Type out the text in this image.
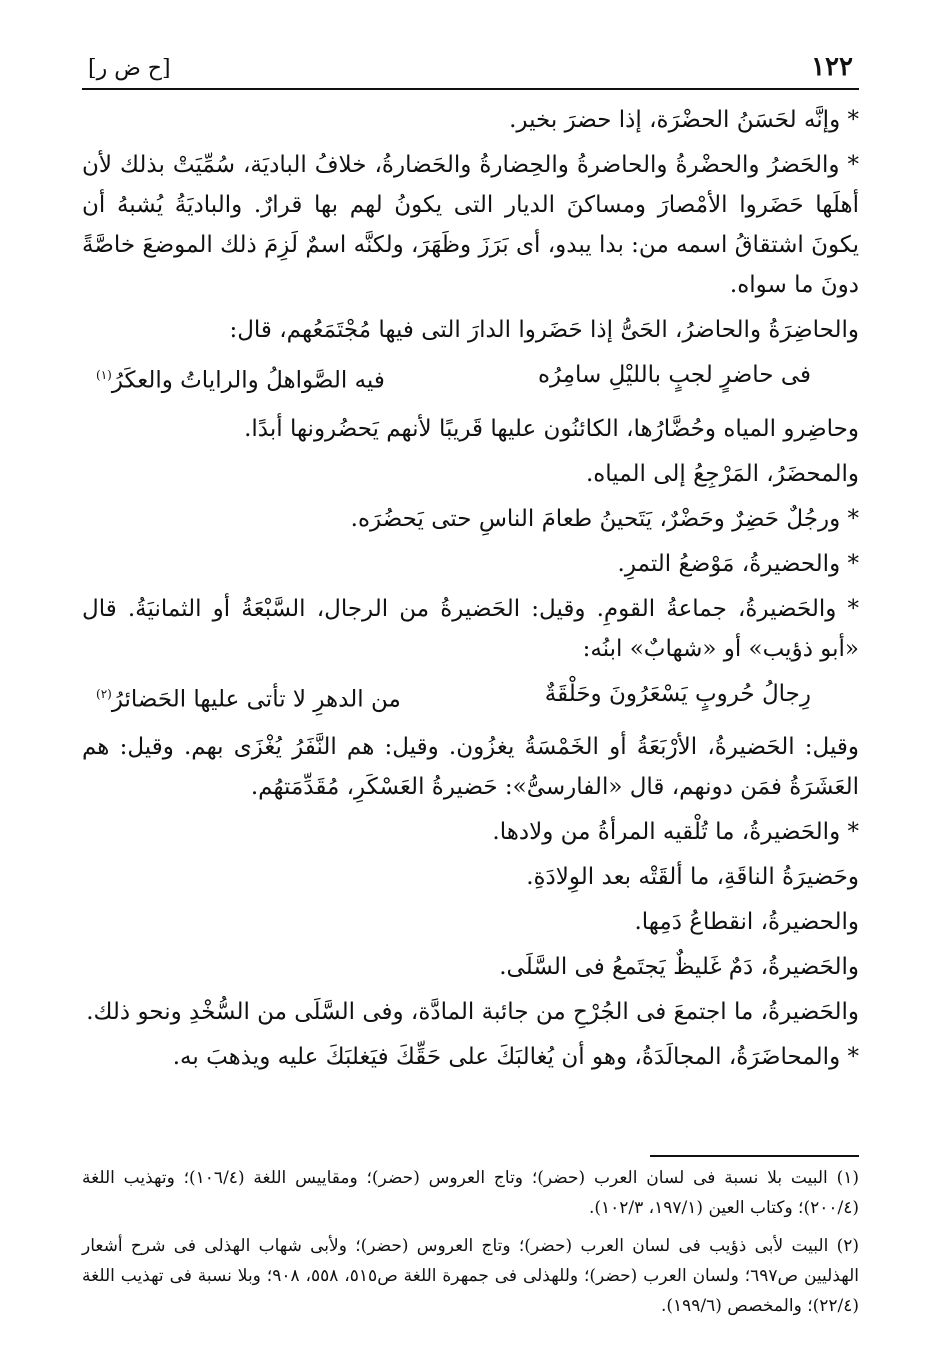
١٢٢
[ح ض ر]

* وإنَّه لحَسَنُ الحضْرَة، إذا حضرَ بخير.

* والحَضرُ والحضْرةُ والحاضرةُ والحِضارةُ والحَضارةُ، خلافُ الباديَة، سُمِّيَتْ بذلك لأن أهلَها حَضَروا الأمْصارَ ومساكنَ الديار التى يكونُ لهم بها قرارٌ. والباديَةُ يُشبهُ أن يكونَ اشتقاقُ اسمه من: بدا يبدو، أى بَرَزَ وظَهَرَ، ولكنَّه اسمٌ لَزِمَ ذلك الموضعَ خاصَّةً دونَ ما سواه.

والحاضِرَةُ والحاضرُ، الحَىُّ إذا حَضَروا الدارَ التى فيها مُجْتَمَعُهم، قال:

فى حاضرٍ لجبٍ بالليْلِ سامِرُه
فيه الصَّواهلُ والراياتُ والعكَرُ$^{(١)}$

وحاضِرو المياه وحُضَّارُها، الكائنُون عليها قَريبًا لأنهم يَحضُرونها أبدًا.

والمحضَرُ، المَرْجِعُ إلى المياه.

* ورجُلٌ حَضِرٌ وحَضْرٌ، يَتَحينُ طعامَ الناسِ حتى يَحضُرَه.

* والحضيرةُ، مَوْضعُ التمرِ.

* والحَضيرةُ، جماعةُ القومِ. وقيل: الحَضيرةُ من الرجال، السَّبْعَةُ أو الثمانيَةُ. قال «أبو ذؤيب» أو «شهابٌ» ابنُه:

رِجالُ حُروبٍ يَسْعَرُونَ وحَلْقَةٌ
من الدهرِ لا تأتى عليها الحَضائرُ$^{(٢)}$

وقيل: الحَضيرةُ، الأرْبَعَةُ أو الخَمْسَةُ يغزُون. وقيل: هم النَّفَرُ يُغْزَى بهم. وقيل: هم العَشَرَةُ فمَن دونهم، قال «الفارسىُّ»: حَضيرةُ العَسْكَرِ، مُقَدِّمَتهُم.

* والحَضيرةُ، ما تُلْقيه المرأةُ من ولادها.

وحَضيرَةُ الناقَةِ، ما ألقَتْه بعد الوِلادَةِ.

والحضيرةُ، انقطاعُ دَمِها.

والحَضيرةُ، دَمٌ غَليظٌ يَجتَمعُ فى السَّلَى.

والحَضيرةُ، ما اجتمعَ فى الجُرْحِ من جائبة المادَّة، وفى السَّلَى من السُّخْدِ ونحو ذلك.

* والمحاضَرَةُ، المجالَدَةُ، وهو أن يُغالبَكَ على حَقِّكَ فيَغلبَكَ عليه ويذهبَ به.

(١) البيت بلا نسبة فى لسان العرب (حضر)؛ وتاج العروس (حضر)؛ ومقاييس اللغة (١٠٦/٤)؛ وتهذيب اللغة (٢٠٠/٤)؛ وكتاب العين (١٩٧/١، ١٠٢/٣).

(٢) البيت لأبى ذؤيب فى لسان العرب (حضر)؛ وتاج العروس (حضر)؛ ولأبى شهاب الهذلى فى شرح أشعار الهذليين ص٦٩٧؛ ولسان العرب (حضر)؛ وللهذلى فى جمهرة اللغة ص٥١٥، ٥٥٨، ٩٠٨؛ وبلا نسبة فى تهذيب اللغة (٢٢/٤)؛ والمخصص (١٩٩/٦).
